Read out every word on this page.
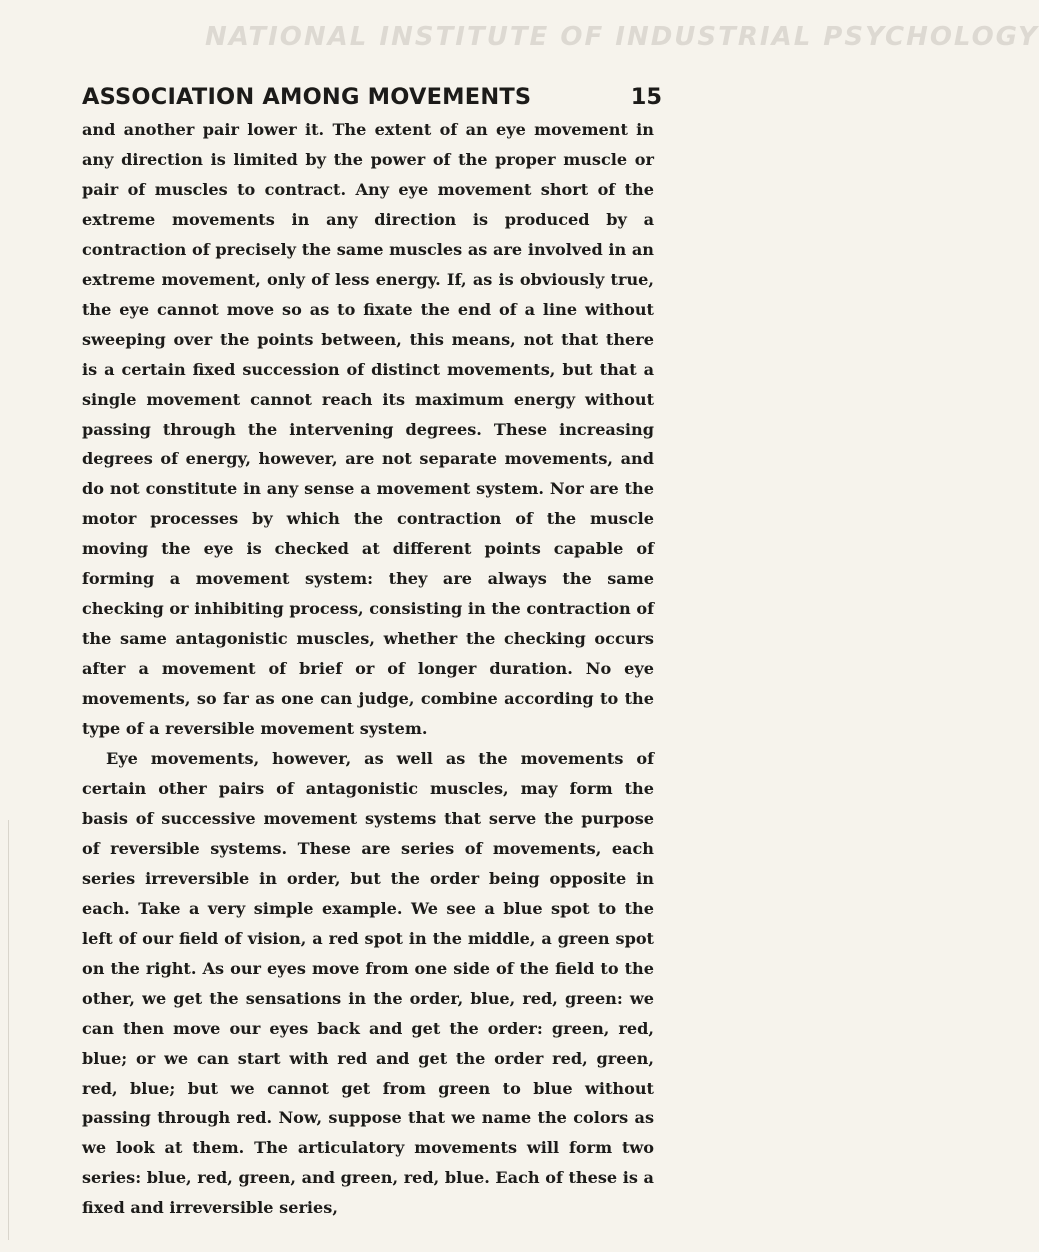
NATIONAL INSTITUTE OF INDUSTRIAL PSYCHOLOGY
ASSOCIATION AMONG MOVEMENTS	15

and another pair lower it. The extent of an eye movement in any direction is limited by the power of the proper muscle or pair of muscles to contract. Any eye movement short of the extreme movements in any direction is produced by a contraction of precisely the same muscles as are involved in an extreme movement, only of less energy. If, as is obviously true, the eye cannot move so as to fixate the end of a line without sweeping over the points between, this means, not that there is a certain fixed succession of distinct movements, but that a single movement cannot reach its maximum energy without passing through the intervening degrees. These increasing degrees of energy, however, are not separate movements, and do not constitute in any sense a movement system. Nor are the motor processes by which the contraction of the muscle moving the eye is checked at different points capable of forming a movement system: they are always the same checking or inhibiting process, consisting in the contraction of the same antagonistic muscles, whether the checking occurs after a movement of brief or of longer duration. No eye movements, so far as one can judge, combine according to the type of a reversible movement system.

Eye movements, however, as well as the movements of certain other pairs of antagonistic muscles, may form the basis of successive movement systems that serve the purpose of reversible systems. These are series of movements, each series irreversible in order, but the order being opposite in each. Take a very simple example. We see a blue spot to the left of our field of vision, a red spot in the middle, a green spot on the right. As our eyes move from one side of the field to the other, we get the sensations in the order, blue, red, green: we can then move our eyes back and get the order: green, red, blue; or we can start with red and get the order red, green, red, blue; but we cannot get from green to blue without passing through red. Now, suppose that we name the colors as we look at them. The articulatory movements will form two series: blue, red, green, and green, red, blue. Each of these is a fixed and irreversible series,
